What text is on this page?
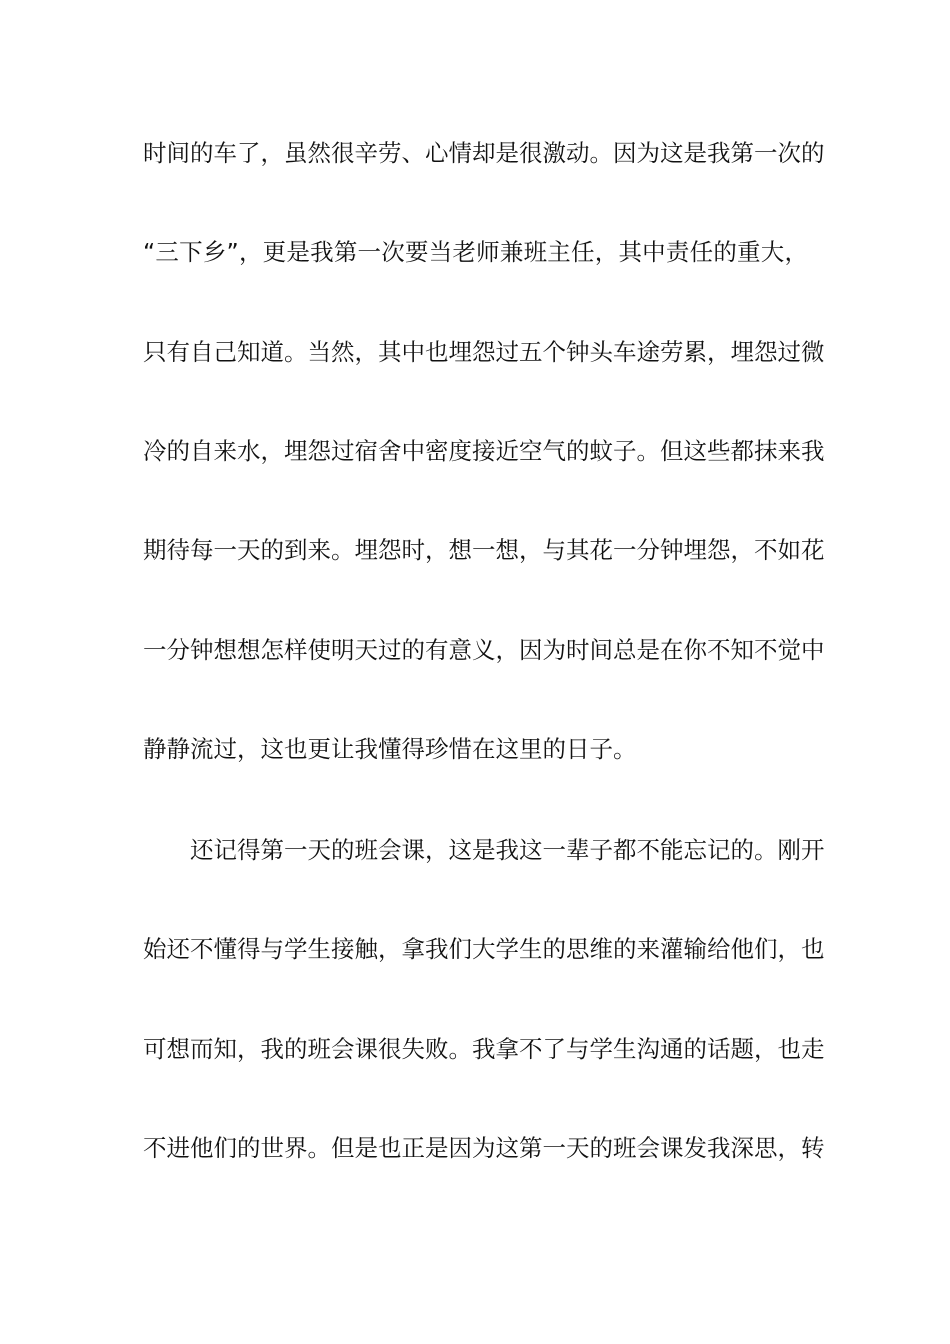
时间的车了，虽然很辛劳、心情却是很激动。因为这是我第一次的
“三下乡”，更是我第一次要当老师兼班主任，其中责任的重大，
只有自己知道。当然，其中也埋怨过五个钟头车途劳累，埋怨过微
冷的自来水，埋怨过宿舍中密度接近空气的蚊子。但这些都抹来我
期待每一天的到来。埋怨时，想一想，与其花一分钟埋怨，不如花
一分钟想想怎样使明天过的有意义，因为时间总是在你不知不觉中
静静流过，这也更让我懂得珍惜在这里的日子。
还记得第一天的班会课，这是我这一辈子都不能忘记的。刚开
始还不懂得与学生接触，拿我们大学生的思维的来灌输给他们，也
可想而知，我的班会课很失败。我拿不了与学生沟通的话题，也走
不进他们的世界。但是也正是因为这第一天的班会课发我深思，转
